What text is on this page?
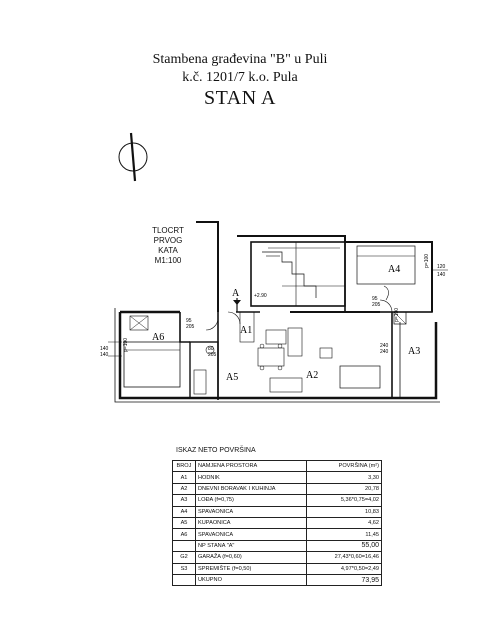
Stambena građevina "B" u Puli
k.č. 1201/7 k.o. Pula
STAN A
TLOCRT
PRVOG
KATA
M1:100
A6
A1
A5	A2
A3
A4
A	+2.90
95
205
95
205
80
205
120
140
140
140
240
240
p=100
p=100
p=100
ISKAZ NETO POVRŠINA
BROJ	NAMJENA PROSTORA	POVRŠINA (m²)
A1	HODNIK	3,30
A2	DNEVNI BORAVAK I KUHINJA	20,78
A3	LOĐA (f=0,75)	5,36*0,75=4,02
A4	SPAVAONICA	10,83
A5	KUPAONICA	4,62
A6	SPAVAONICA	11,45
	NP STANA "A"	55,00
G2	GARAŽA (f=0,60)	27,43*0,60=16,46
S3	SPREMIŠTE (f=0,50)	4,97*0,50=2,49
	UKUPNO	73,95
